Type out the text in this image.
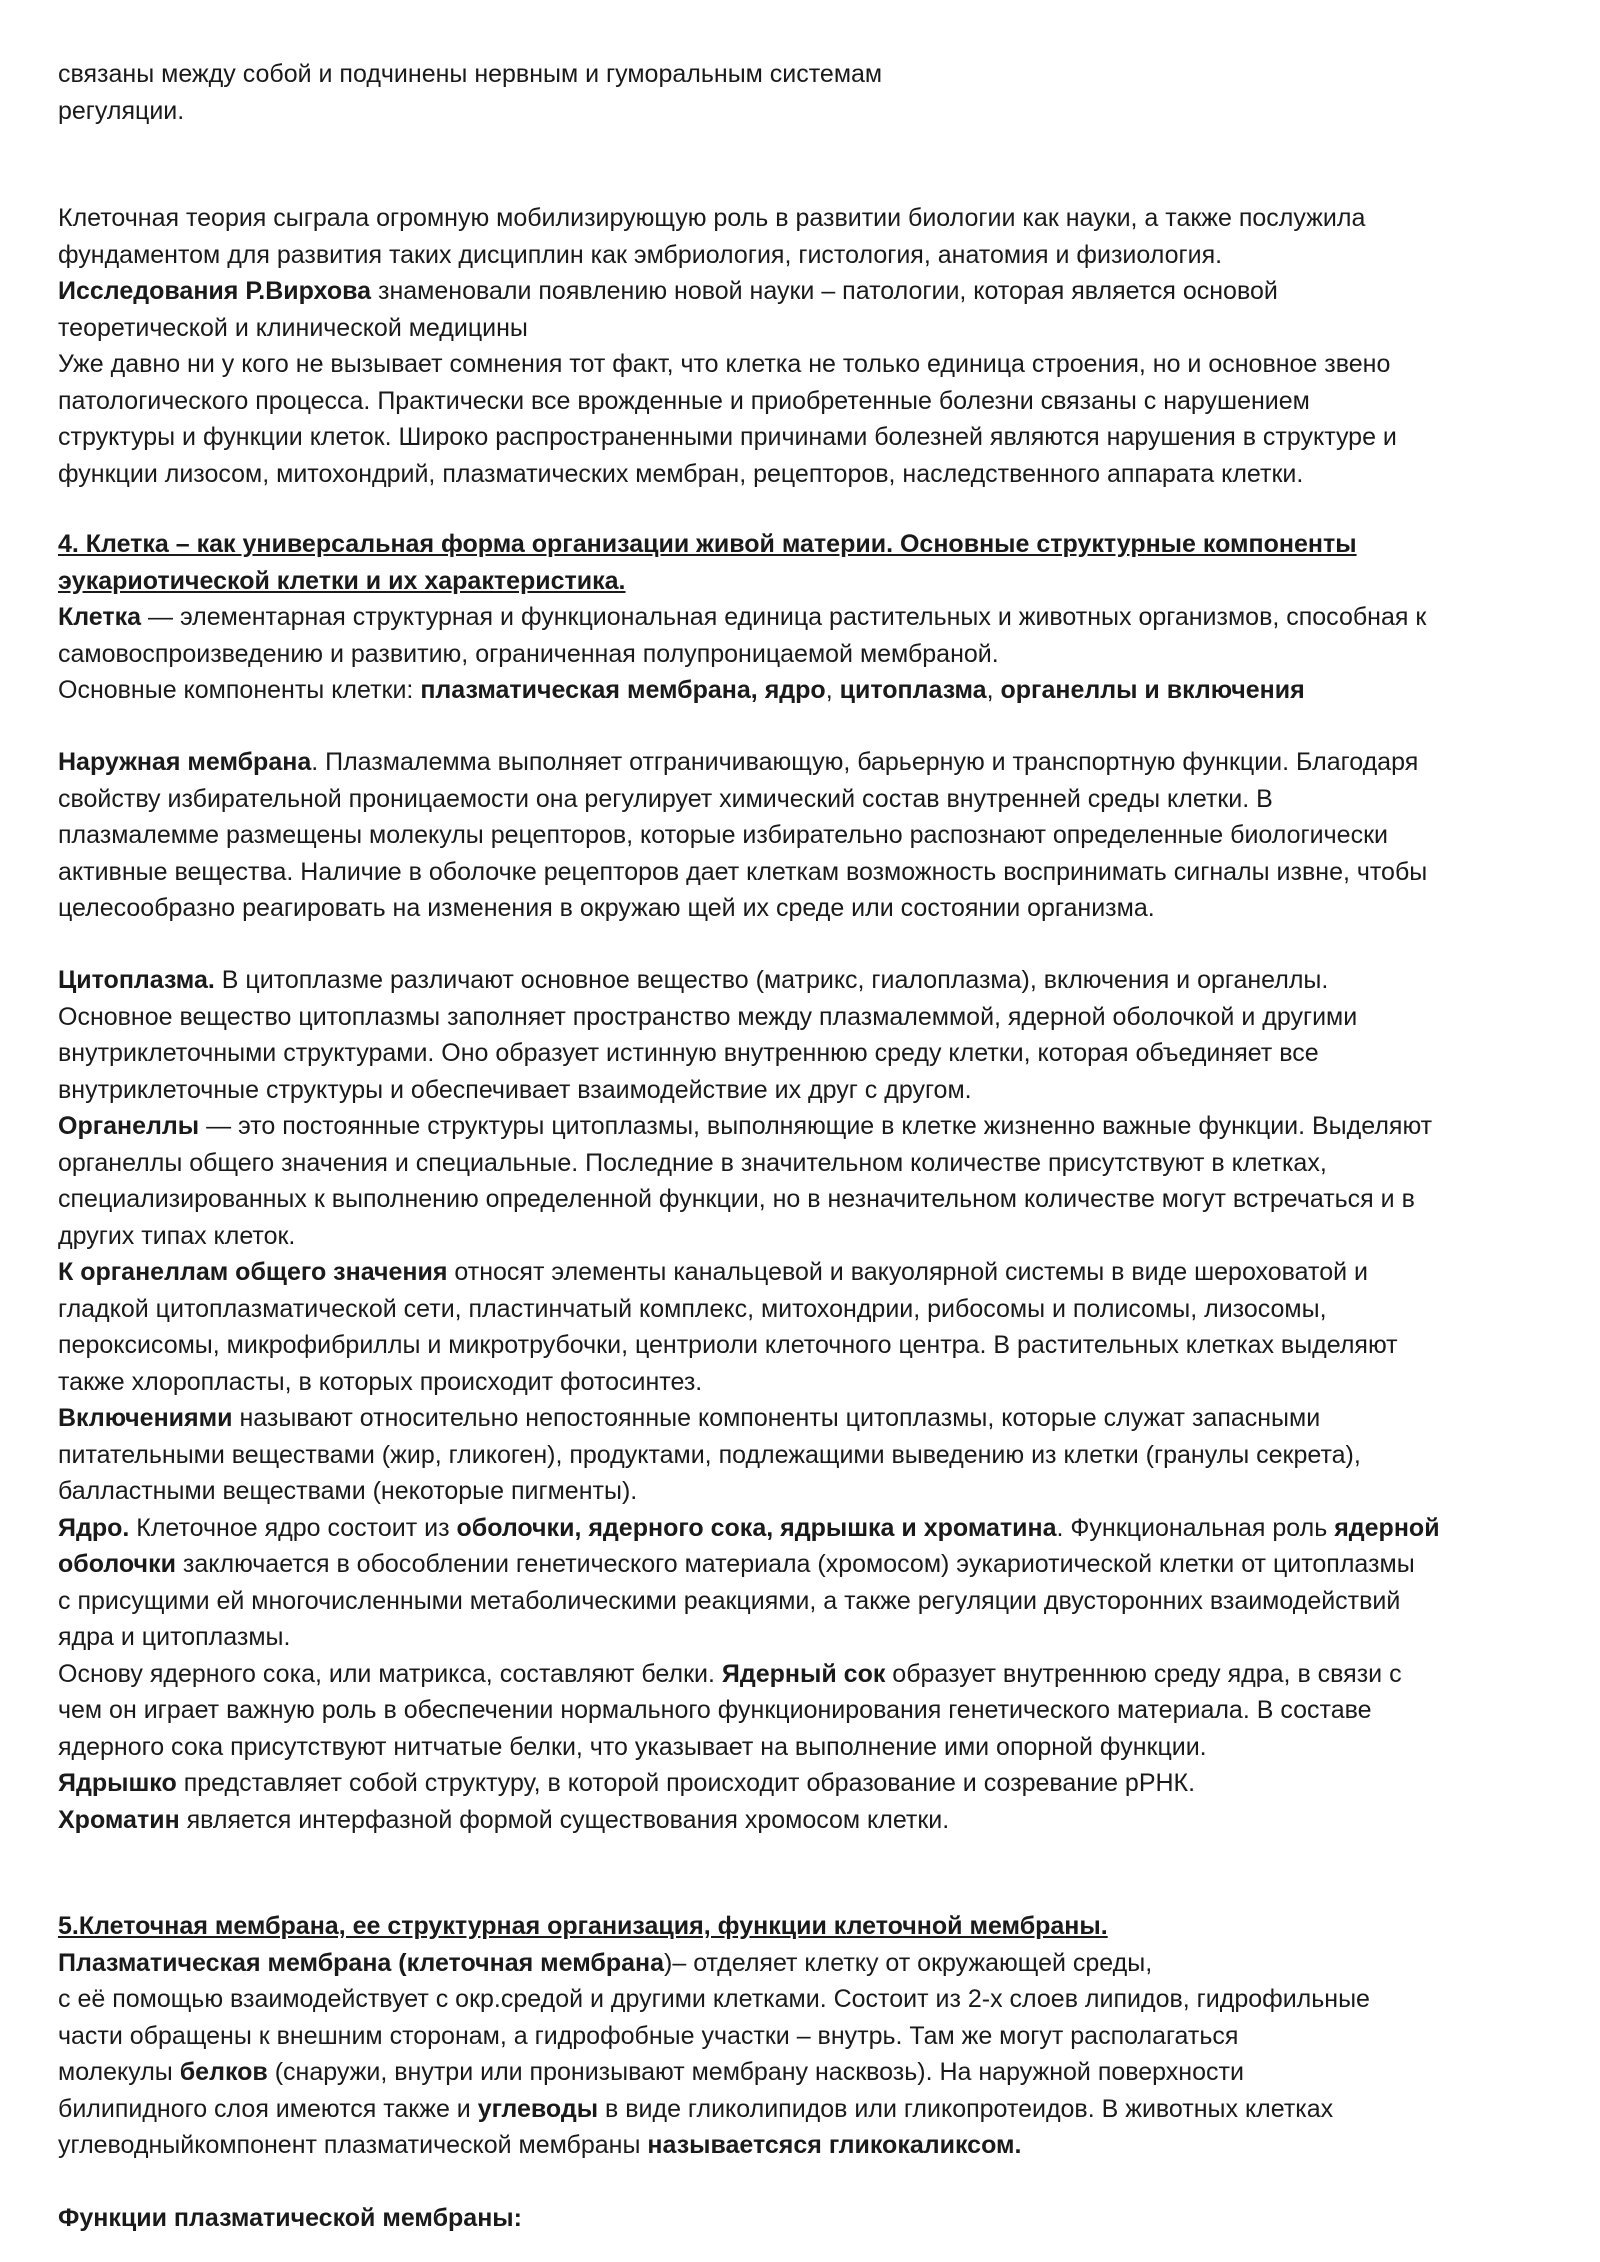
связаны между собой и подчинены нервным и гуморальным системам
регуляции.
Клеточная теория сыграла огромную мобилизирующую роль в развитии биологии как науки, а также послужила
фундаментом для развития таких дисциплин как эмбриология, гистология, анатомия и физиология.
Исследования Р.Вирхова знаменовали появлению новой науки – патологии, которая является основой
теоретической и клинической медицины
Уже давно ни у кого не вызывает сомнения тот факт, что клетка не только единица строения, но и основное звено
патологического процесса. Практически все врожденные и приобретенные болезни связаны с нарушением
структуры и функции клеток. Широко распространенными причинами болезней являются нарушения в структуре и
функции лизосом, митохондрий, плазматических мембран, рецепторов, наследственного аппарата клетки.
4. Клетка – как универсальная форма организации живой материи. Основные структурные компоненты
эукариотической клетки и их характеристика.
Клетка — элементарная структурная и функциональная единица растительных и животных организмов, способная к
самовоспроизведению и развитию, ограниченная полупроницаемой мембраной.
Основные компоненты клетки: плазматическая мембрана, ядро, цитоплазма, органеллы и включения
Наружная мембрана. Плазмалемма выполняет отграничивающую, барьерную и транспортную функции. Благодаря
свойству избирательной проницаемости она регулирует химический состав внутренней среды клетки. В
плазмалемме размещены молекулы рецепторов, которые избирательно распознают определенные биологически
активные вещества. Наличие в оболочке рецепторов дает клеткам возможность воспринимать сигналы извне, чтобы
целесообразно реагировать на изменения в окружаю щей их среде или состоянии организма.
Цитоплазма. В цитоплазме различают основное вещество (матрикс, гиалоплазма), включения и органеллы.
Основное вещество цитоплазмы заполняет пространство между плазмалеммой, ядерной оболочкой и другими
внутриклеточными структурами. Оно образует истинную внутреннюю среду клетки, которая объединяет все
внутриклеточные структуры и обеспечивает взаимодействие их друг с другом.
Органеллы — это постоянные структуры цитоплазмы, выполняющие в клетке жизненно важные функции. Выделяют
органеллы общего значения и специальные. Последние в значительном количестве присутствуют в клетках,
специализированных к выполнению определенной функции, но в незначительном количестве могут встречаться и в
других типах клеток.
К органеллам общего значения относят элементы канальцевой и вакуолярной системы в виде шероховатой и
гладкой цитоплазматической сети, пластинчатый комплекс, митохондрии, рибосомы и полисомы, лизосомы,
пероксисомы, микрофибриллы и микротрубочки, центриоли клеточного центра. В растительных клетках выделяют
также хлоропласты, в которых происходит фотосинтез.
Включениями называют относительно непостоянные компоненты цитоплазмы, которые служат запасными
питательными веществами (жир, гликоген), продуктами, подлежащими выведению из клетки (гранулы секрета),
балластными веществами (некоторые пигменты).
Ядро. Клеточное ядро состоит из оболочки, ядерного сока, ядрышка и хроматина. Функциональная роль ядерной
оболочки заключается в обособлении генетического материала (хромосом) эукариотической клетки от цитоплазмы
с присущими ей многочисленными метаболическими реакциями, а также регуляции двусторонних взаимодействий
ядра и цитоплазмы.
Основу ядерного сока, или матрикса, составляют белки. Ядерный сок образует внутреннюю среду ядра, в связи с
чем он играет важную роль в обеспечении нормального функционирования генетического материала. В составе
ядерного сока присутствуют нитчатые белки, что указывает на выполнение ими опорной функции.
Ядрышко представляет собой структуру, в которой происходит образование и созревание рРНК.
Хроматин является интерфазной формой существования хромосом клетки.
5.Клеточная мембрана, ее структурная организация, функции клеточной мембраны.
Плазматическая мембрана (клеточная мембрана)– отделяет клетку от окружающей среды,
с её помощью взаимодействует с окр.средой и другими клетками. Состоит из 2-х слоев липидов, гидрофильные
части обращены к внешним сторонам, а гидрофобные участки – внутрь. Там же могут располагаться
молекулы белков (снаружи, внутри или пронизывают мембрану насквозь). На наружной поверхности
билипидного слоя имеются также и углеводы в виде гликолипидов или гликопротеидов. В животных клетках
углеводныйкомпонент плазматической мембраны называетсяся гликокаликсом.
Функции плазматической мембраны:
